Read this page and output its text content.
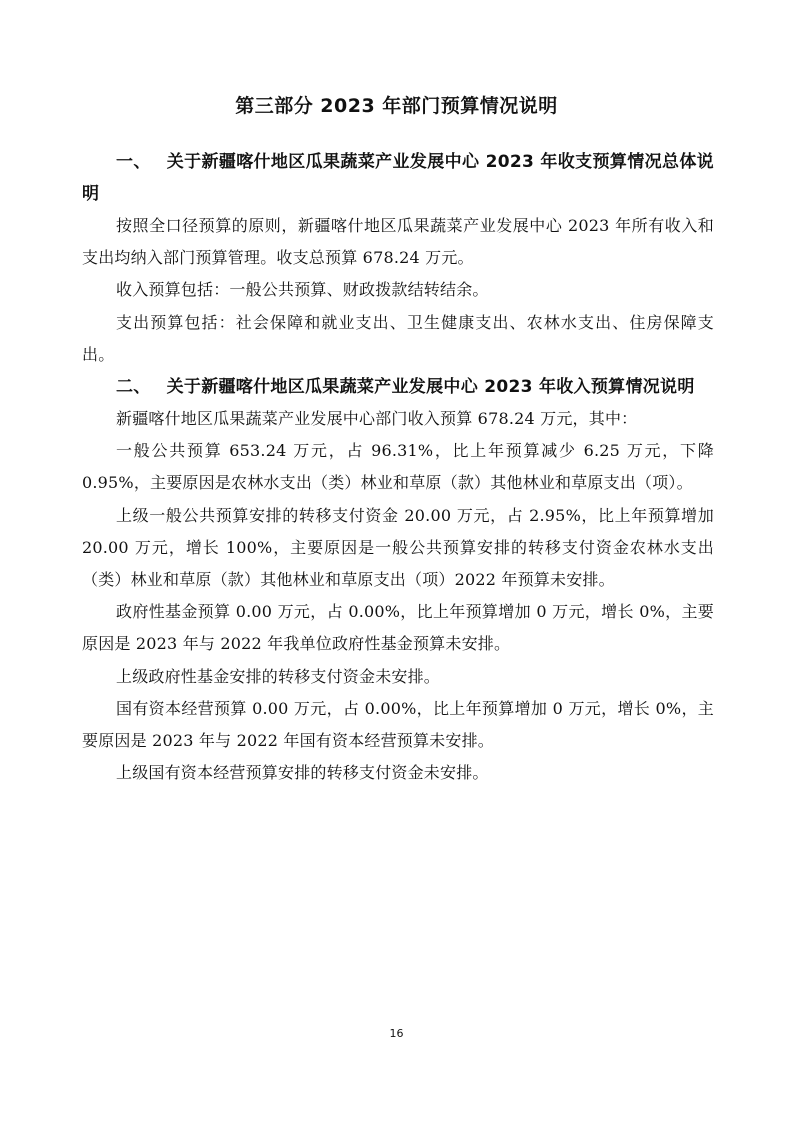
第三部分 2023 年部门预算情况说明

一、 关于新疆喀什地区瓜果蔬菜产业发展中心 2023 年收支预算情况总体说明

按照全口径预算的原则，新疆喀什地区瓜果蔬菜产业发展中心 2023 年所有收入和支出均纳入部门预算管理。收支总预算 678.24 万元。

收入预算包括：一般公共预算、财政拨款结转结余。

支出预算包括：社会保障和就业支出、卫生健康支出、农林水支出、住房保障支出。

二、 关于新疆喀什地区瓜果蔬菜产业发展中心 2023 年收入预算情况说明

新疆喀什地区瓜果蔬菜产业发展中心部门收入预算 678.24 万元，其中：

一般公共预算 653.24 万元，占 96.31%，比上年预算减少 6.25 万元，下降 0.95%，主要原因是农林水支出（类）林业和草原（款）其他林业和草原支出（项）。

上级一般公共预算安排的转移支付资金 20.00 万元，占 2.95%，比上年预算增加 20.00 万元，增长 100%，主要原因是一般公共预算安排的转移支付资金农林水支出（类）林业和草原（款）其他林业和草原支出（项）2022 年预算未安排。

政府性基金预算 0.00 万元，占 0.00%，比上年预算增加 0 万元，增长 0%，主要原因是 2023 年与 2022 年我单位政府性基金预算未安排。

上级政府性基金安排的转移支付资金未安排。

国有资本经营预算 0.00 万元，占 0.00%，比上年预算增加 0 万元，增长 0%，主要原因是 2023 年与 2022 年国有资本经营预算未安排。

上级国有资本经营预算安排的转移支付资金未安排。

16
